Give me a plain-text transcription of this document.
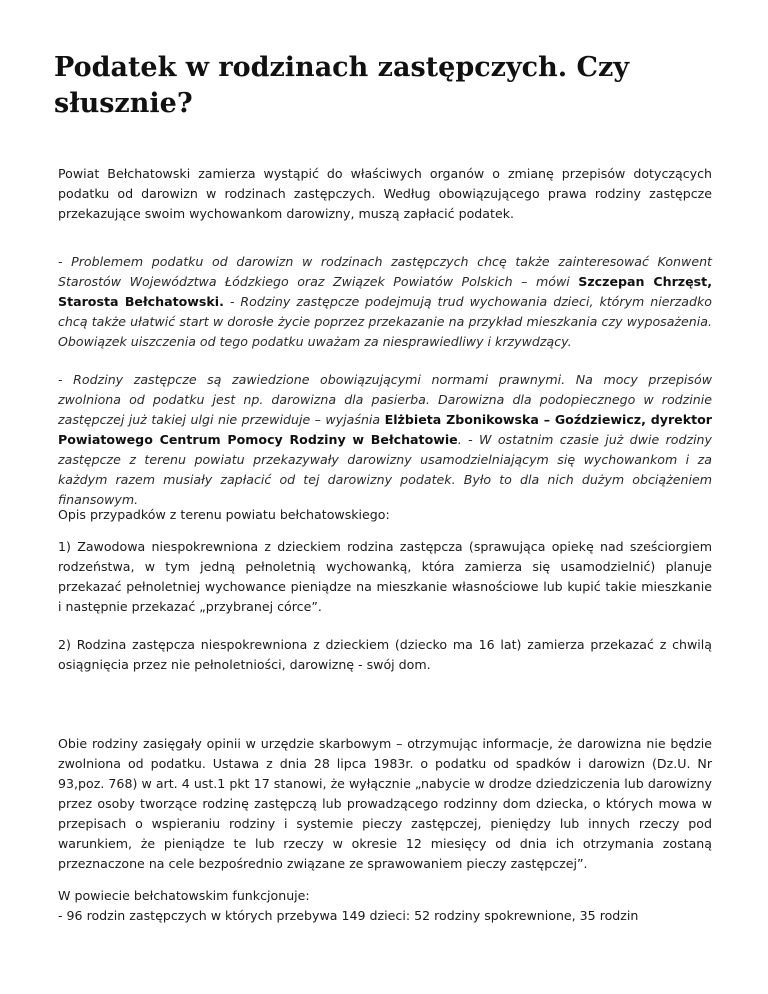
Podatek w rodzinach zastępczych. Czy
słusznie?

Powiat Bełchatowski zamierza wystąpić do właściwych organów o zmianę przepisów dotyczących podatku od darowizn w rodzinach zastępczych. Według obowiązującego prawa rodziny zastępcze przekazujące swoim wychowankom darowizny, muszą zapłacić podatek.

- Problemem podatku od darowizn w rodzinach zastępczych chcę także zainteresować Konwent Starostów Województwa Łódzkiego oraz Związek Powiatów Polskich – mówi Szczepan Chrzęst, Starosta Bełchatowski. - Rodziny zastępcze podejmują trud wychowania dzieci, którym nierzadko chcą także ułatwić start w dorosłe życie poprzez przekazanie na przykład mieszkania czy wyposażenia. Obowiązek uiszczenia od tego podatku uważam za niesprawiedliwy i krzywdzący.

- Rodziny zastępcze są zawiedzione obowiązującymi normami prawnymi. Na mocy przepisów zwolniona od podatku jest np. darowizna dla pasierba. Darowizna dla podopiecznego w rodzinie zastępczej już takiej ulgi nie przewiduje – wyjaśnia Elżbieta Zbonikowska – Goździewicz, dyrektor Powiatowego Centrum Pomocy Rodziny w Bełchatowie. - W ostatnim czasie już dwie rodziny zastępcze z terenu powiatu przekazywały darowizny usamodzielniającym się wychowankom i za każdym razem musiały zapłacić od tej darowizny podatek. Było to dla nich dużym obciążeniem finansowym.

Opis przypadków z terenu powiatu bełchatowskiego:

1) Zawodowa niespokrewniona z dzieckiem rodzina zastępcza (sprawująca opiekę nad sześciorgiem rodzeństwa, w tym jedną pełnoletnią wychowanką, która zamierza się usamodzielnić) planuje przekazać pełnoletniej wychowance pieniądze na mieszkanie własnościowe lub kupić takie mieszkanie i następnie przekazać „przybranej córce”.

2) Rodzina zastępcza niespokrewniona z dzieckiem (dziecko ma 16 lat) zamierza przekazać z chwilą osiągnięcia przez nie pełnoletniości, darowiznę - swój dom.

Obie rodziny zasięgały opinii w urzędzie skarbowym – otrzymując informacje, że darowizna nie będzie zwolniona od podatku. Ustawa z dnia 28 lipca 1983r. o podatku od spadków i darowizn (Dz.U. Nr 93,poz. 768) w art. 4 ust.1 pkt 17 stanowi, że wyłącznie „nabycie w drodze dziedziczenia lub darowizny przez osoby tworzące rodzinę zastępczą lub prowadzącego rodzinny dom dziecka, o których mowa w przepisach o wspieraniu rodziny i systemie pieczy zastępczej, pieniędzy lub innych rzeczy pod warunkiem, że pieniądze te lub rzeczy w okresie 12 miesięcy od dnia ich otrzymania zostaną przeznaczone na cele bezpośrednio związane ze sprawowaniem pieczy zastępczej”.

W powiecie bełchatowskim funkcjonuje:
- 96 rodzin zastępczych w których przebywa 149 dzieci: 52 rodziny spokrewnione, 35 rodzin
